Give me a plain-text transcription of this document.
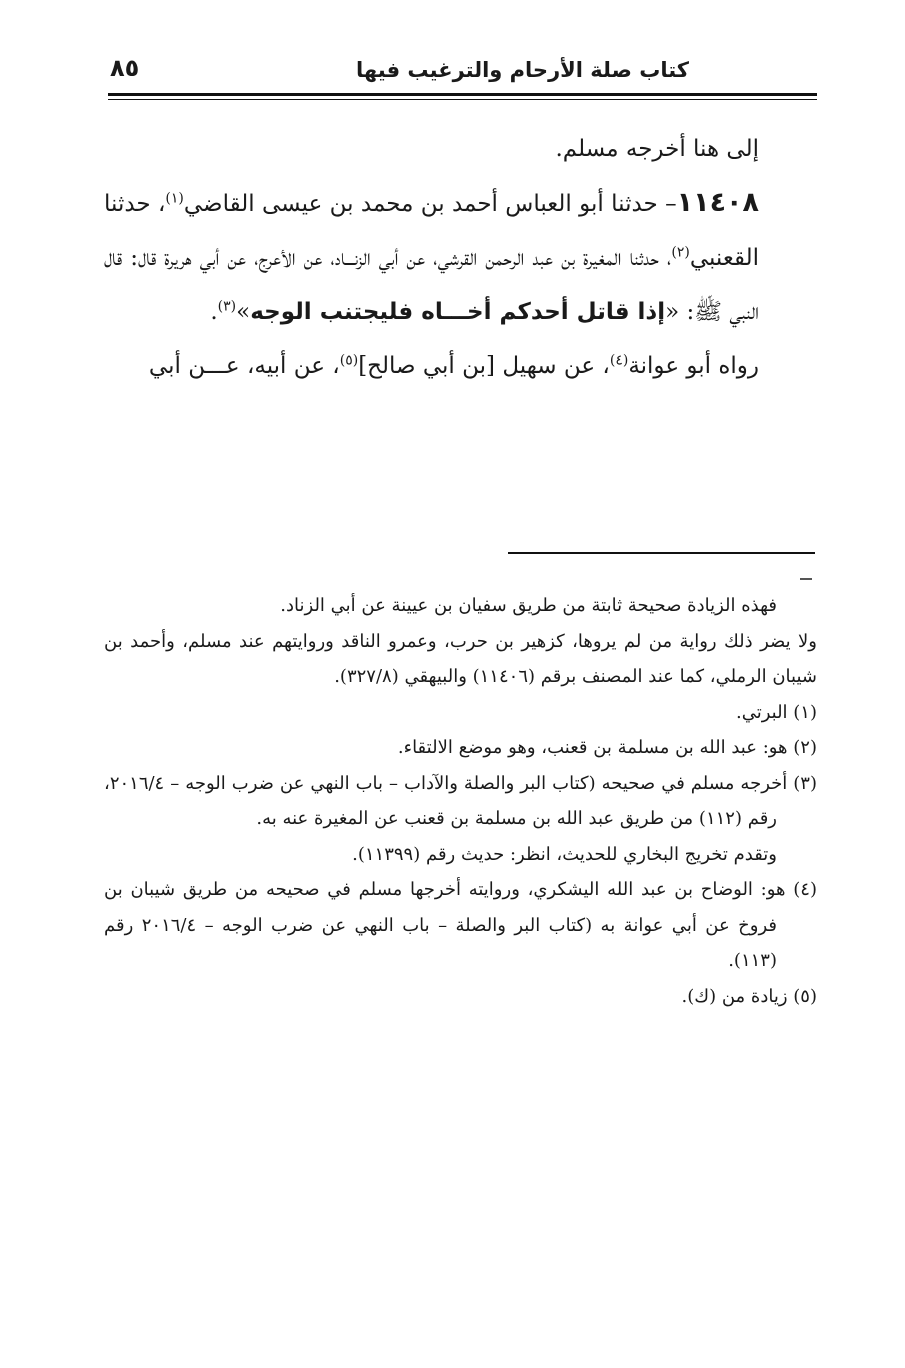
كتاب صلة الأرحام والترغيب فيها
٨٥

إلى هنا أخرجه مسلم.

١١٤٠٨– حدثنا أبو العباس أحمد بن محمد بن عيسى القاضي$^{(١)}$، حدثنا القعنبي$^{(٢)}$، حدثنا المغيرة بن عبد الرحمن القرشي، عن أبي الزنـــاد، عن الأعرج، عن أبي هريرة قال: قال النبي ﷺ: «إذا قاتل أحدكم أخـــاه فليجتنب الوجه»$^{(٣)}$.

رواه أبو عوانة$^{(٤)}$، عن سهيل [بن أبي صالح]$^{(٥)}$، عن أبيه، عـــن أبي

فهذه الزيادة صحيحة ثابتة من طريق سفيان بن عيينة عن أبي الزناد.

ولا يضر ذلك رواية من لم يروها، كزهير بن حرب، وعمرو الناقد وروايتهم عند مسلم، وأحمد بن شيبان الرملي، كما عند المصنف برقم (١١٤٠٦) والبيهقي (٣٢٧/٨).

(١) البرتي.

(٢) هو: عبد الله بن مسلمة بن قعنب، وهو موضع الالتقاء.

(٣) أخرجه مسلم في صحيحه (كتاب البر والصلة والآداب – باب النهي عن ضرب الوجه – ٢٠١٦/٤، رقم (١١٢) من طريق عبد الله بن مسلمة بن قعنب عن المغيرة عنه به.

وتقدم تخريج البخاري للحديث، انظر: حديث رقم (١١٣٩٩).

(٤) هو: الوضاح بن عبد الله اليشكري، وروايته أخرجها مسلم في صحيحه من طريق شيبان بن فروخ عن أبي عوانة به (كتاب البر والصلة – باب النهي عن ضرب الوجه – ٢٠١٦/٤ رقم (١١٣).

(٥) زيادة من (ك).
